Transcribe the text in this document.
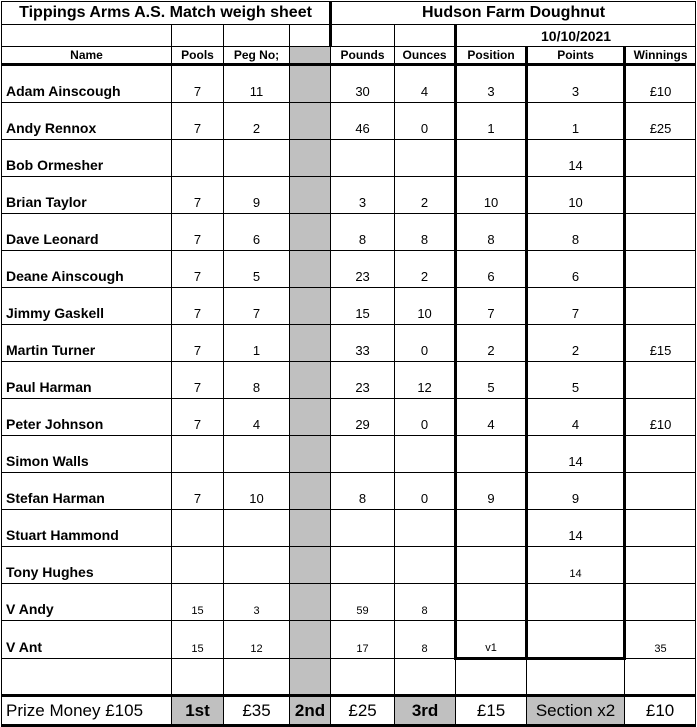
Tippings Arms A.S. Match weigh sheet				Hudson Farm Doughnut				
						10/10/2021		
Name	Pools	Peg No;		Pounds	Ounces	Position	Points	Winnings
Adam Ainscough	7	11		30	4	3	3	£10
Andy Rennox	7	2		46	0	1	1	£25
Bob Ormesher							14	
Brian Taylor	7	9		3	2	10	10	
Dave Leonard	7	6		8	8	8	8	
Deane Ainscough	7	5		23	2	6	6	
Jimmy Gaskell	7	7		15	10	7	7	
Martin Turner	7	1		33	0	2	2	£15
Paul Harman	7	8		23	12	5	5	
Peter Johnson	7	4		29	0	4	4	£10
Simon Walls							14	
Stefan Harman	7	10		8	0	9	9	
Stuart Hammond							14	
Tony Hughes							14	
V Andy	15	3		59	8			
V Ant	15	12		17	8	v1		35

Prize Money £105	1st	£35	2nd	£25	3rd	£15	Section x2	£10
